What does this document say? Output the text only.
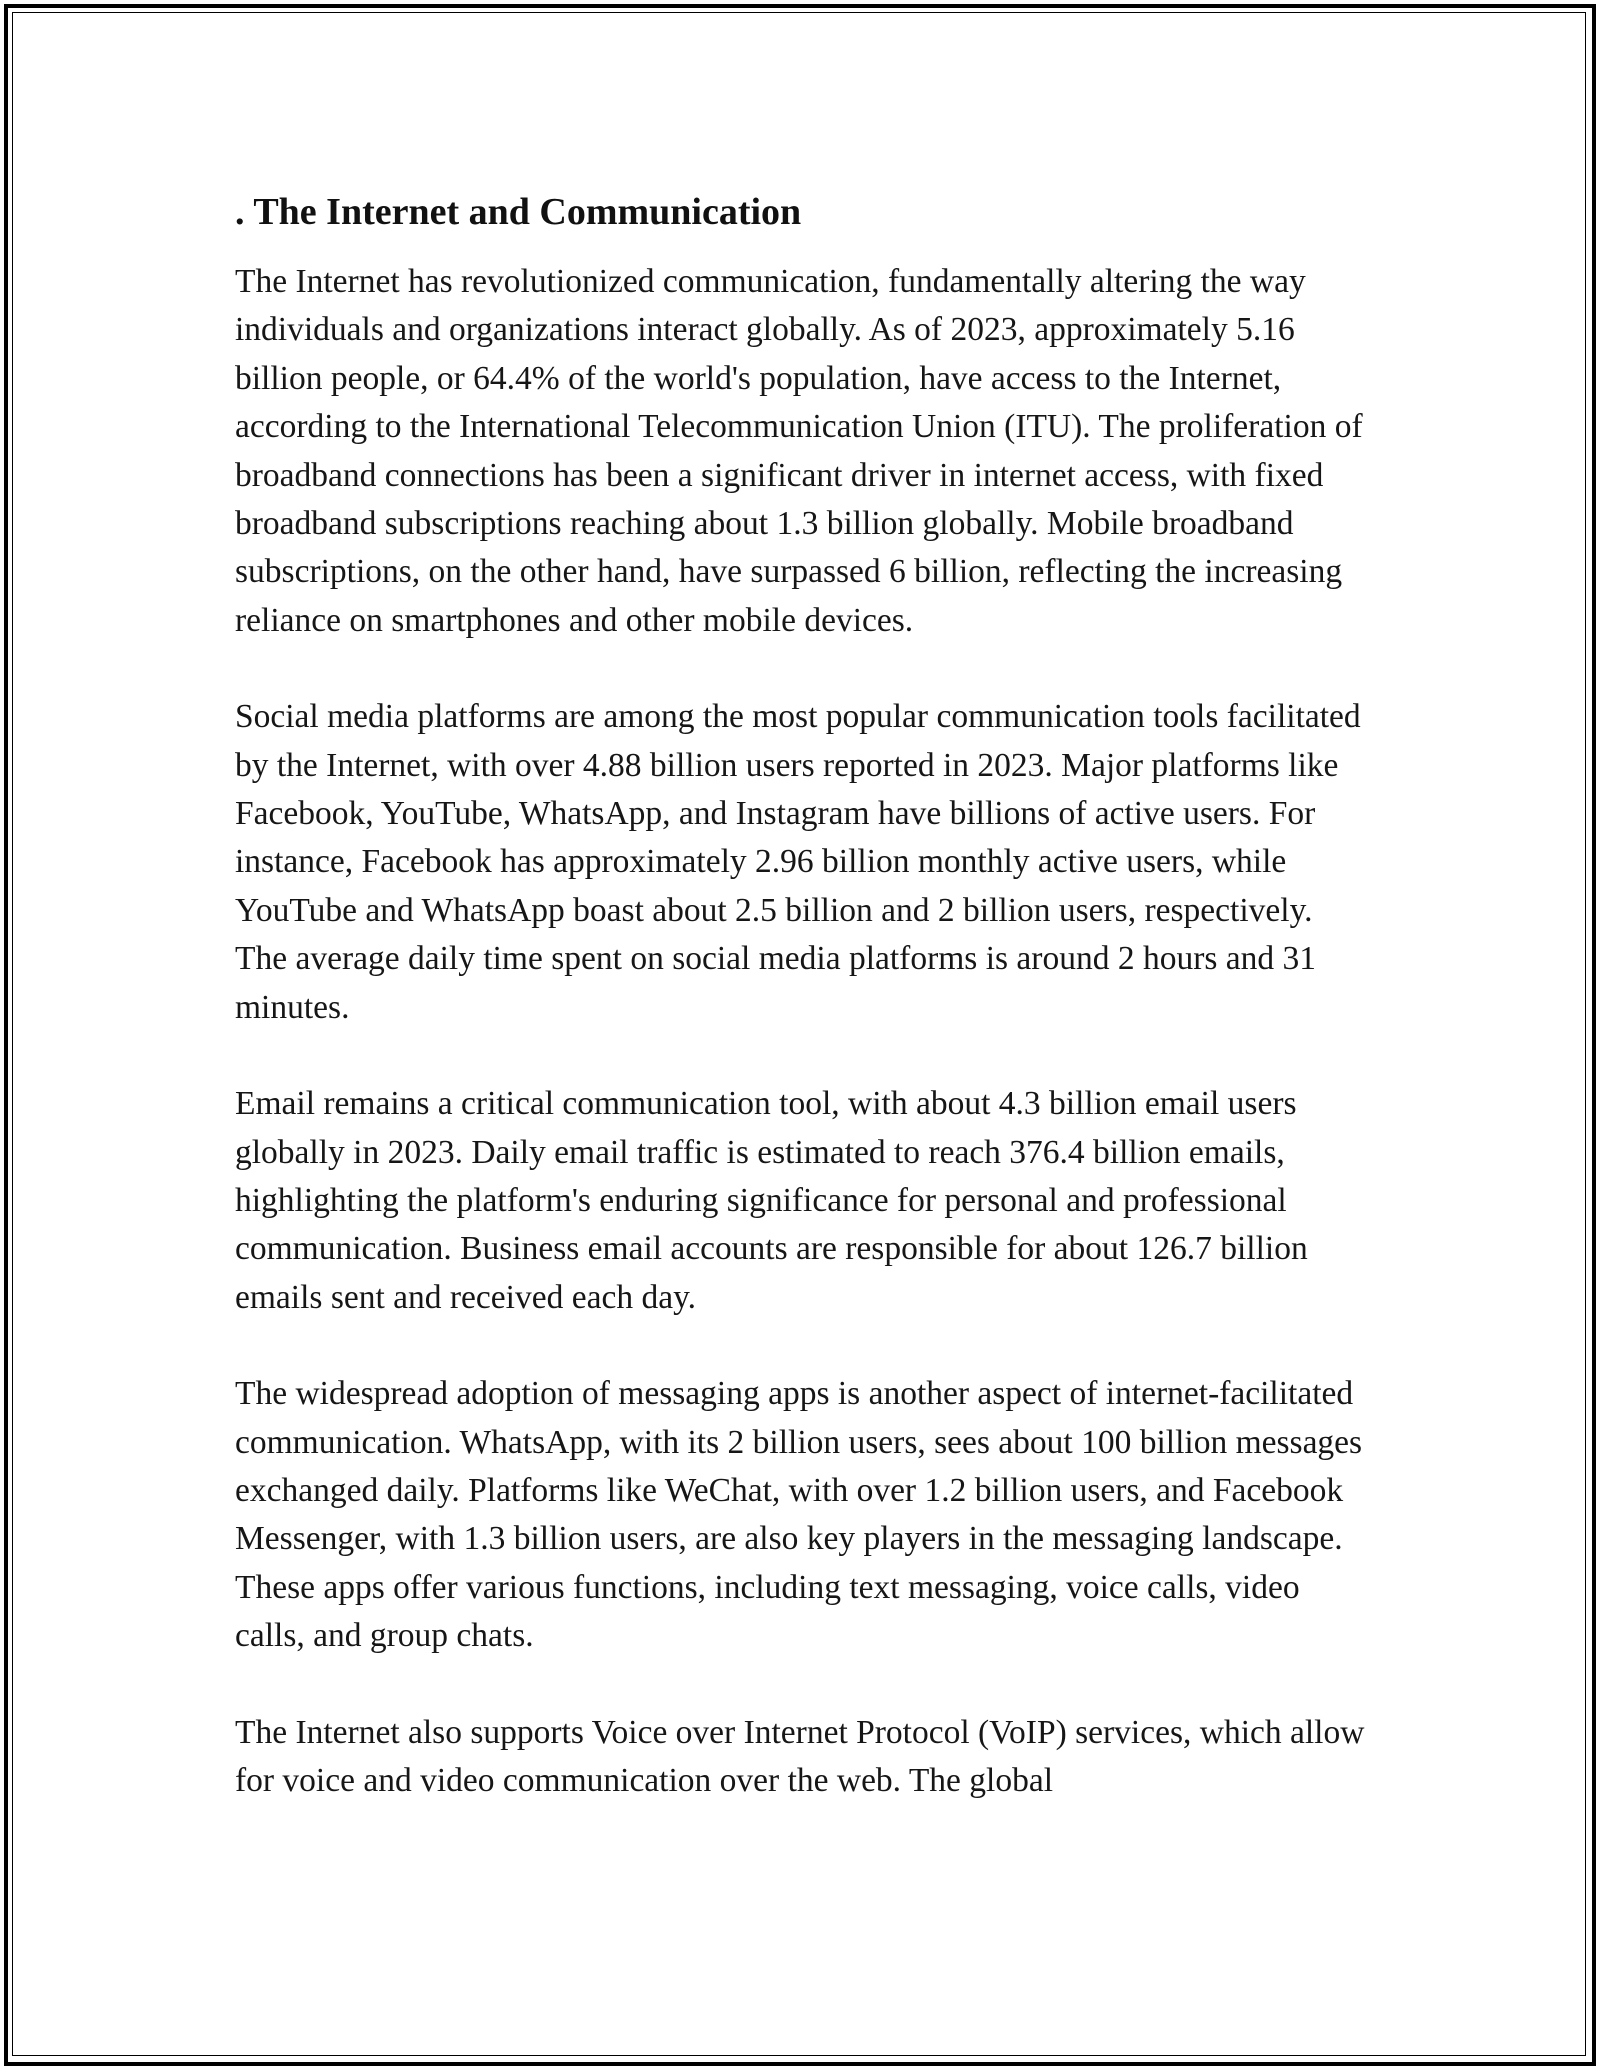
. The Internet and Communication

The Internet has revolutionized communication, fundamentally altering the way individuals and organizations interact globally. As of 2023, approximately 5.16 billion people, or 64.4% of the world's population, have access to the Internet, according to the International Telecommunication Union (ITU). The proliferation of broadband connections has been a significant driver in internet access, with fixed broadband subscriptions reaching about 1.3 billion globally. Mobile broadband subscriptions, on the other hand, have surpassed 6 billion, reflecting the increasing reliance on smartphones and other mobile devices.

Social media platforms are among the most popular communication tools facilitated by the Internet, with over 4.88 billion users reported in 2023. Major platforms like Facebook, YouTube, WhatsApp, and Instagram have billions of active users. For instance, Facebook has approximately 2.96 billion monthly active users, while YouTube and WhatsApp boast about 2.5 billion and 2 billion users, respectively. The average daily time spent on social media platforms is around 2 hours and 31 minutes.

Email remains a critical communication tool, with about 4.3 billion email users globally in 2023. Daily email traffic is estimated to reach 376.4 billion emails, highlighting the platform's enduring significance for personal and professional communication. Business email accounts are responsible for about 126.7 billion emails sent and received each day.

The widespread adoption of messaging apps is another aspect of internet-facilitated communication. WhatsApp, with its 2 billion users, sees about 100 billion messages exchanged daily. Platforms like WeChat, with over 1.2 billion users, and Facebook Messenger, with 1.3 billion users, are also key players in the messaging landscape. These apps offer various functions, including text messaging, voice calls, video calls, and group chats.

The Internet also supports Voice over Internet Protocol (VoIP) services, which allow for voice and video communication over the web. The global
